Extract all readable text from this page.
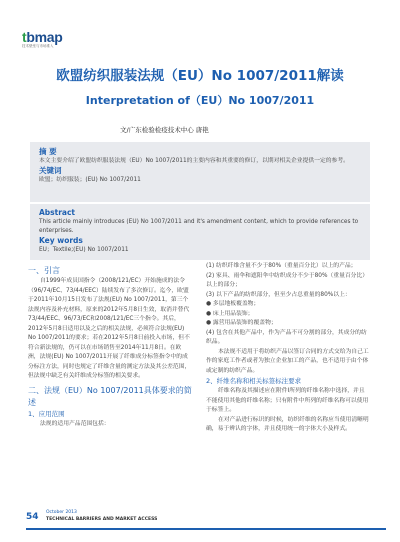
tbmap
技术壁垒与市场准入
欧盟纺织服装法规（EU）No 1007/2011解读
Interpretation of（EU）No 1007/2011
文/广东检验检疫技术中心 唐艳
摘 要
本文主要介绍了欧盟纺织服装法规（EU）No 1007/2011的主要内容和其重要的修订，以期对相关企业提供一定的参考。
关键词
欧盟；纺织服装；(EU) No 1007/2011
Abstract
This article mainly introduces (EU) No 1007/2011 and it's amendment content, which to provide references to enterprises.
Key words
EU；Textile;(EU) No 1007/2011
一、引言
自1999年成员国指令（2008/121/EC）开始施成的法令（96/74/EC、73/44/EEC）陆续发布了多次修订。迄今，欧盟于2011年10月15日发布了法规(EU) No 1007/2011，第三个法规内容及补充材料，原来的2012年5月8日生效，取消并替代73/44/EEC、96/73/EC和2008/121/EC三个指令。其后，2012年5月8日适用以及之后的相关法规，必须符合法规(EU) No 1007/2011的要求；若在2012年5月8日前投入市场，但不符合新法规的，仍可以在市场销售至2014年11月8日。在欧洲，法规(EU) No 1007/2011开展了纤维成分标签指令中的成分标注方法，同时也规定了纤维含量的测定方法及其公差范围，但法规中缺乏有关纤维成分标签的相关要求。
二、法规（EU）No 1007/2011具体要求的简述
1、应用范围
法规的适用产品范围包括：
(1) 纺织纤维含量不少于80%（重量百分比）以上的产品；
(2) 家具、雨伞和遮阳伞中纺织成分不少于80%（重量百分比）以上的部分；
(3) 以下产品的纺织部分，但至少占总重量的80%以上：
● 多层地板覆盖物；
● 床上用品装饰；
● 露营用品装饰的覆盖物；
(4) 包含在其他产品中，作为产品不可分割的部分，其成分的纺织品。
本法规不适用于将纺织产品以签订合同的方式交给为自己工作的家庭工作者或者为独立企业加工的产品，也不适用于由个体或定制的纺织产品。
2、纤维名称和相关标签标注要求
纤维名称及其描述应在附件I所列的纤维名称中选择，并且不能使用其他的纤维名称；只有附件中所列的纤维名称可以使用于标签上。
在对产品进行标识的时候，纺织纤维的名称应当使用清晰明确，易于辨认的字体，并且使用统一的字体大小及样式。
54 October 2013
TECHNICAL BARRIERS AND MARKET ACCESS
